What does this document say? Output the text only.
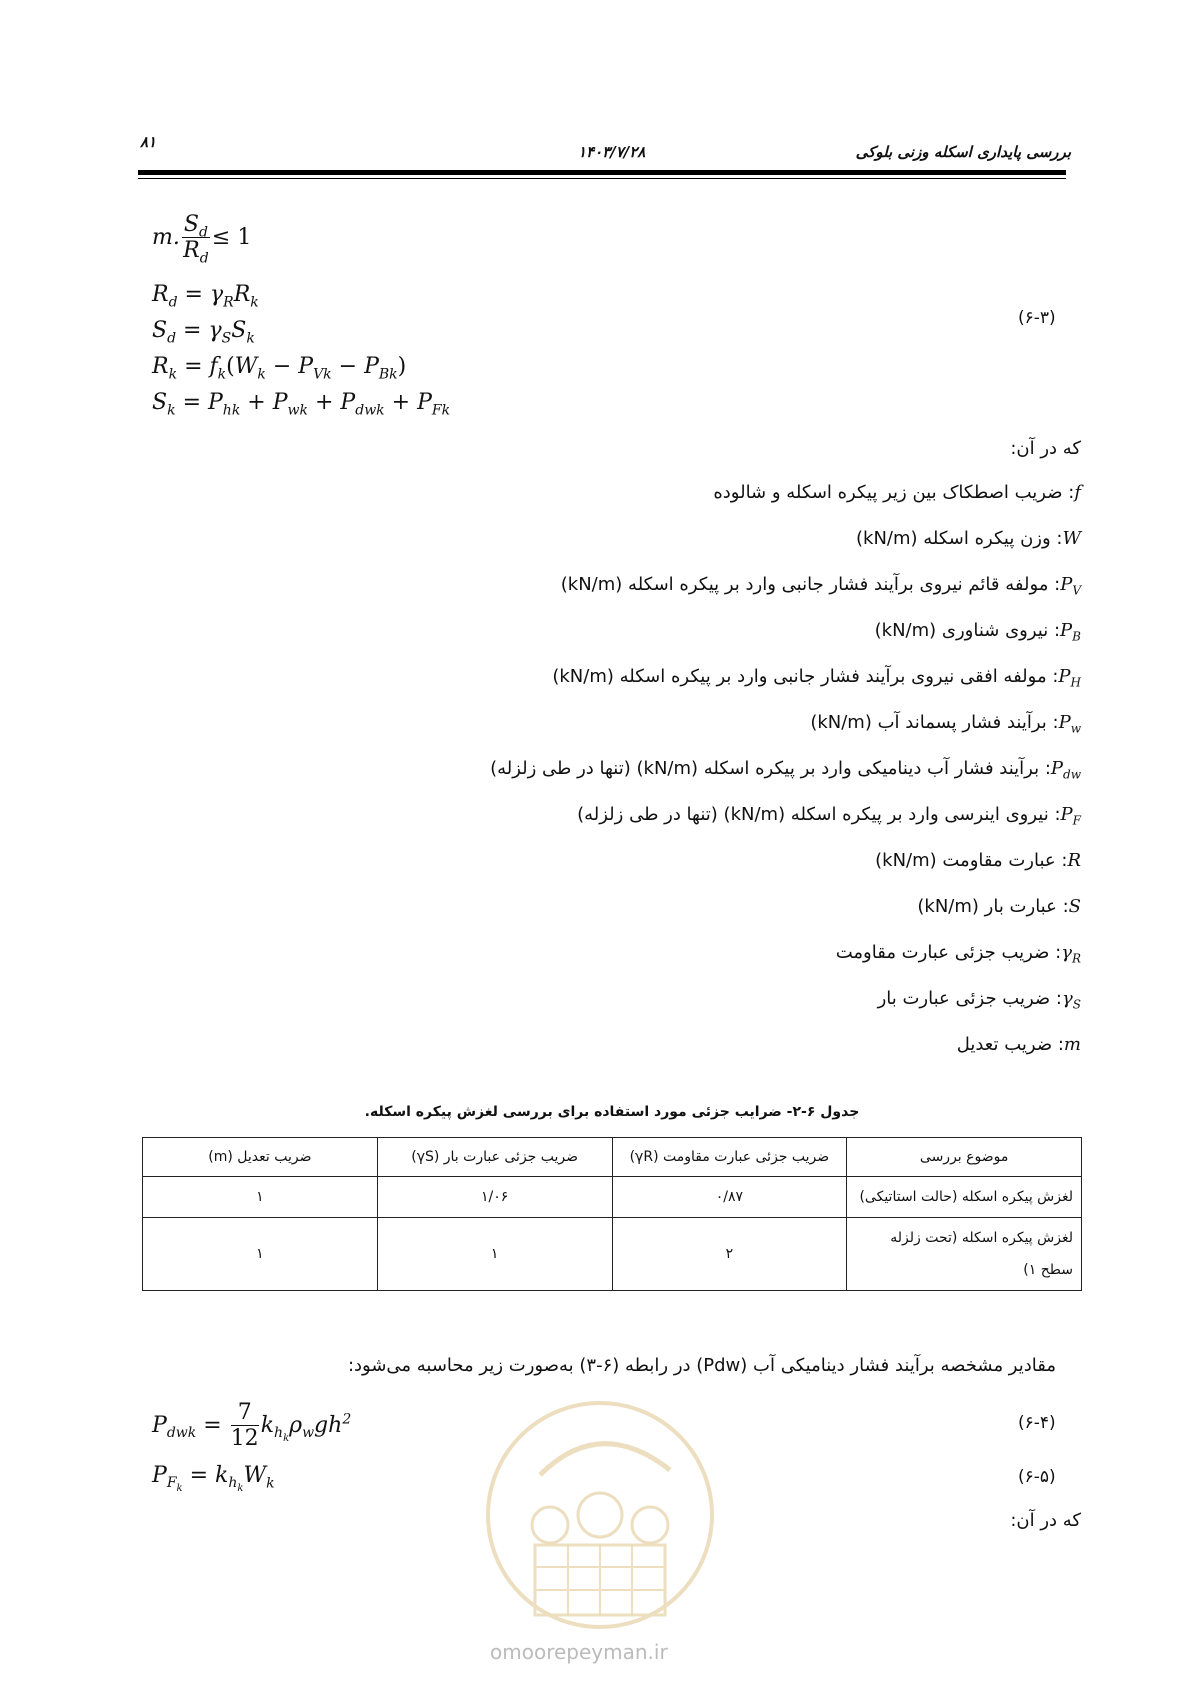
۸۱
۱۴۰۳/۷/۲۸	بررسی پایداری اسکله وزنی بلوکی
m. $\frac{S_d}{R_d} \le 1$
$R_d = \gamma_RR_k$
$S_d = \gamma_SS_k$
$R_k = f_k(W_k - P_{Vk} - P_{Bk})$
$S_k = P_{hk} + P_{wk} + P_{dwk} + P_{Fk}$
(۶-۳)
که در آن:
f: ضریب اصطکاک بین زیر پیکره اسکله و شالوده
W: وزن پیکره اسکله (kN/m)
$P_V$: مولفه قائم نیروی برآیند فشار جانبی وارد بر پیکره اسکله (kN/m)
$P_B$: نیروی شناوری (kN/m)
$P_H$: مولفه افقی نیروی برآیند فشار جانبی وارد بر پیکره اسکله (kN/m)
$P_w$: برآیند فشار پسماند آب (kN/m)
$P_{dw}$: برآیند فشار آب دینامیکی وارد بر پیکره اسکله (kN/m) (تنها در طی زلزله)
$P_F$: نیروی اینرسی وارد بر پیکره اسکله (kN/m) (تنها در طی زلزله)
R: عبارت مقاومت (kN/m)
S: عبارت بار (kN/m)
$\gamma_R$: ضریب جزئی عبارت مقاومت
$\gamma_S$: ضریب جزئی عبارت بار
m: ضریب تعدیل
جدول ۶-۲- ضرایب جزئی مورد استفاده برای بررسی لغزش پیکره اسکله.
موضوع بررسی	ضریب جزئی عبارت مقاومت (γR)	ضریب جزئی عبارت بار (γS)	ضریب تعدیل (m)
لغزش پیکره اسکله (حالت استاتیکی)	۰/۸۷	۱/۰۶	۱
لغزش پیکره اسکله (تحت زلزله سطح ۱)	۲	۱	۱
مقادیر مشخصه برآیند فشار دینامیکی آب (Pdw) در رابطه (۶-۳) به‌صورت زیر محاسبه می‌شود:
$P_{dwk} = \frac{7}{12} k_{h_k}\rho_wgh^2$	(۶-۴)
$P_{F_k} = k_{h_k}W_k$	(۶-۵)
که در آن:
omoorepeyman.ir
